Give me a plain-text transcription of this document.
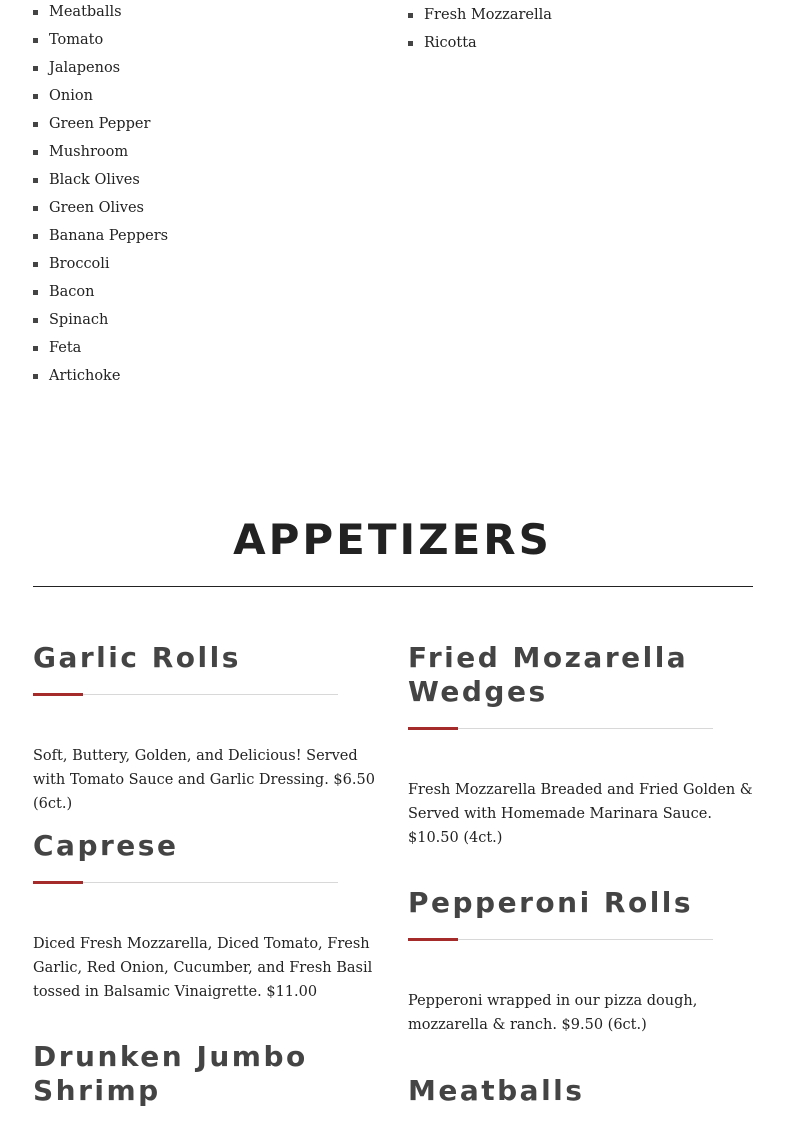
Meatballs
Tomato
Jalapenos
Onion
Green Pepper
Mushroom
Black Olives
Green Olives
Banana Peppers
Broccoli
Bacon
Spinach
Feta
Artichoke
Fresh Mozzarella
Ricotta
APPETIZERS
Garlic Rolls

Soft, Buttery, Golden, and Delicious! Served with Tomato Sauce and Garlic Dressing. $6.50 (6ct.)

Fried Mozarella Wedges

Fresh Mozzarella Breaded and Fried Golden & Served with Homemade Marinara Sauce. $10.50 (4ct.)

Caprese

Diced Fresh Mozzarella, Diced Tomato, Fresh Garlic, Red Onion, Cucumber, and Fresh Basil tossed in Balsamic Vinaigrette. $11.00

Pepperoni Rolls

Pepperoni wrapped in our pizza dough, mozzarella & ranch. $9.50 (6ct.)

Drunken Jumbo Shrimp	Meatballs
